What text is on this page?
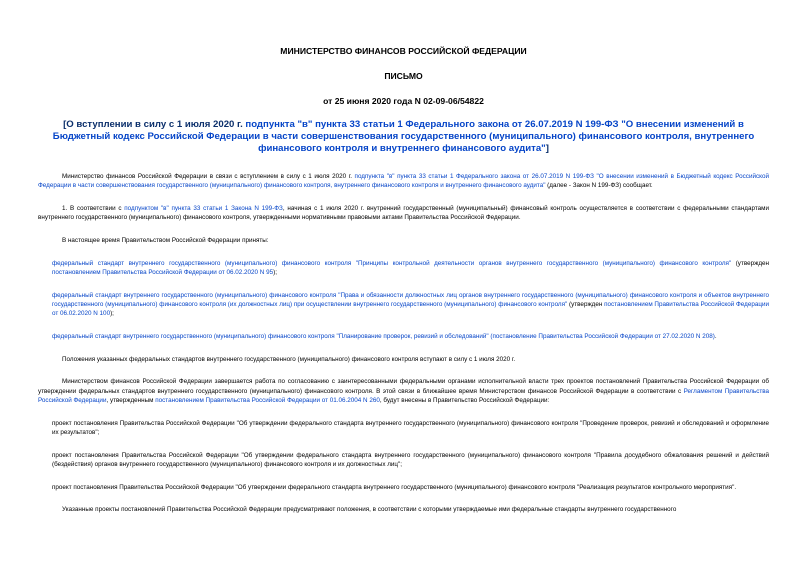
МИНИСТЕРСТВО ФИНАНСОВ РОССИЙСКОЙ ФЕДЕРАЦИИ
ПИСЬМО
от 25 июня 2020 года N 02-09-06/54822
[О вступлении в силу с 1 июля 2020 г. подпункта "в" пункта 33 статьи 1 Федерального закона от 26.07.2019 N 199-ФЗ "О внесении изменений в Бюджетный кодекс Российской Федерации в части совершенствования государственного (муниципального) финансового контроля, внутреннего финансового контроля и внутреннего финансового аудита"]

Министерство финансов Российской Федерации в связи с вступлением в силу с 1 июля 2020 г. подпункта "в" пункта 33 статьи 1 Федерального закона от 26.07.2019 N 199-ФЗ "О внесении изменений в Бюджетный кодекс Российской Федерации в части совершенствования государственного (муниципального) финансового контроля, внутреннего финансового контроля и внутреннего финансового аудита" (далее - Закон N 199-ФЗ) сообщает.

1. В соответствии с подпунктом "в" пункта 33 статьи 1 Закона N 199-ФЗ, начиная с 1 июля 2020 г. внутренний государственный (муниципальный) финансовый контроль осуществляется в соответствии с федеральными стандартами внутреннего государственного (муниципального) финансового контроля, утвержденными нормативными правовыми актами Правительства Российской Федерации.

В настоящее время Правительством Российской Федерации приняты:

федеральный стандарт внутреннего государственного (муниципального) финансового контроля "Принципы контрольной деятельности органов внутреннего государственного (муниципального) финансового контроля" (утвержден постановлением Правительства Российской Федерации от 06.02.2020 N 95);

федеральный стандарт внутреннего государственного (муниципального) финансового контроля "Права и обязанности должностных лиц органов внутреннего государственного (муниципального) финансового контроля и объектов внутреннего государственного (муниципального) финансового контроля (их должностных лиц) при осуществлении внутреннего государственного (муниципального) финансового контроля" (утвержден постановлением Правительства Российской Федерации от 06.02.2020 N 100);

федеральный стандарт внутреннего государственного (муниципального) финансового контроля "Планирование проверок, ревизий и обследований" (постановление Правительства Российской Федерации от 27.02.2020 N 208).

Положения указанных федеральных стандартов внутреннего государственного (муниципального) финансового контроля вступают в силу с 1 июля 2020 г.

Министерством финансов Российской Федерации завершается работа по согласованию с заинтересованными федеральными органами исполнительной власти трех проектов постановлений Правительства Российской Федерации об утверждении федеральных стандартов внутреннего государственного (муниципального) финансового контроля. В этой связи в ближайшее время Министерством финансов Российской Федерации в соответствии с Регламентом Правительства Российской Федерации, утвержденным постановлением Правительства Российской Федерации от 01.06.2004 N 260, будут внесены в Правительство Российской Федерации:

проект постановления Правительства Российской Федерации "Об утверждении федерального стандарта внутреннего государственного (муниципального) финансового контроля "Проведение проверок, ревизий и обследований и оформление их результатов";

проект постановления Правительства Российской Федерации "Об утверждении федерального стандарта внутреннего государственного (муниципального) финансового контроля "Правила досудебного обжалования решений и действий (бездействия) органов внутреннего государственного (муниципального) финансового контроля и их должностных лиц";

проект постановления Правительства Российской Федерации "Об утверждении федерального стандарта внутреннего государственного (муниципального) финансового контроля "Реализация результатов контрольного мероприятия".

Указанные проекты постановлений Правительства Российской Федерации предусматривают положения, в соответствии с которыми утверждаемые ими федеральные стандарты внутреннего государственного
